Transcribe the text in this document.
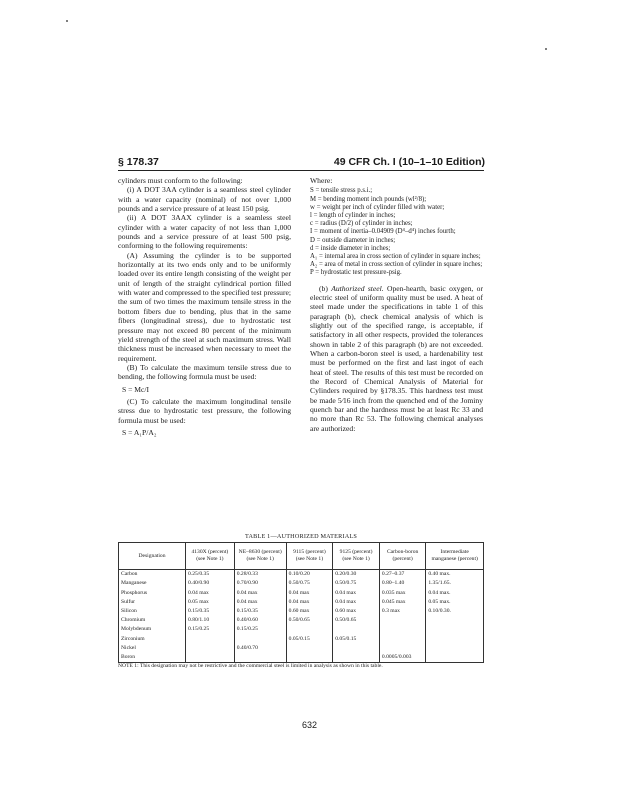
§ 178.37	49 CFR Ch. I (10–1–10 Edition)

cylinders must conform to the following:

(i) A DOT 3AA cylinder is a seamless steel cylinder with a water capacity (nominal) of not over 1,000 pounds and a service pressure of at least 150 psig.

(ii) A DOT 3AAX cylinder is a seamless steel cylinder with a water capacity of not less than 1,000 pounds and a service pressure of at least 500 psig, conforming to the following requirements:

(A) Assuming the cylinder is to be supported horizontally at its two ends only and to be uniformly loaded over its entire length consisting of the weight per unit of length of the straight cylindrical portion filled with water and compressed to the specified test pressure; the sum of two times the maximum tensile stress in the bottom fibers due to bending, plus that in the same fibers (longitudinal stress), due to hydrostatic test pressure may not exceed 80 percent of the minimum yield strength of the steel at such maximum stress. Wall thickness must be increased when necessary to meet the requirement.

(B) To calculate the maximum tensile stress due to bending, the following formula must be used:

S = Mc/I

(C) To calculate the maximum longitudinal tensile stress due to hydrostatic test pressure, the following formula must be used:

S = A₁P/A₂

Where:

S = tensile stress p.s.i.;
M = bending moment inch pounds (wl²/8);
w = weight per inch of cylinder filled with water;
l = length of cylinder in inches;
c = radius (D/2) of cylinder in inches;
I = moment of inertia–0.04909 (D⁴–d⁴) inches fourth;
D = outside diameter in inches;
d = inside diameter in inches;
A₁ = internal area in cross section of cylinder in square inches;
A₂ = area of metal in cross section of cylinder in square inches;
P = hydrostatic test pressure-psig.

(b) Authorized steel. Open-hearth, basic oxygen, or electric steel of uniform quality must be used. A heat of steel made under the specifications in table 1 of this paragraph (b), check chemical analysis of which is slightly out of the specified range, is acceptable, if satisfactory in all other respects, provided the tolerances shown in table 2 of this paragraph (b) are not exceeded. When a carbon-boron steel is used, a hardenability test must be performed on the first and last ingot of each heat of steel. The results of this test must be recorded on the Record of Chemical Analysis of Material for Cylinders required by §178.35. This hardness test must be made 5⁄16 inch from the quenched end of the Jominy quench bar and the hardness must be at least Rc 33 and no more than Rc 53. The following chemical analyses are authorized:

TABLE 1—AUTHORIZED MATERIALS
Designation	4130X (percent) (see Note 1)	NE–8630 (percent) (see Note 1)	9115 (percent) (see Note 1)	9125 (percent) (see Note 1)	Carbon-boron (percent)	Intermediate manganese (percent)
Carbon	0.25/0.35	0.28/0.33	0.10/0.20	0.20/0.30	0.27–0.37	0.40 max.
Manganese	0.40/0.90	0.70/0.90	0.50/0.75	0.50/0.75	0.80–1.40	1.35/1.65.
Phosphorus	0.04 max	0.04 max	0.04 max	0.04 max	0.035 max	0.04 max.
Sulfur	0.05 max	0.04 max	0.04 max	0.04 max	0.045 max	0.05 max.
Silicon	0.15/0.35	0.15/0.35	0.60 max	0.60 max	0.3 max	0.10/0.30.
Chromium	0.80/1.10	0.40/0.60	0.50/0.65	0.50/0.65		
Molybdenum	0.15/0.25	0.15/0.25				
Zirconium			0.05/0.15	0.05/0.15		
Nickel		0.40/0.70				
Boron					0.0005/0.003	
NOTE 1: This designation may not be restrictive and the commercial steel is limited in analysis as shown in this table.
632
